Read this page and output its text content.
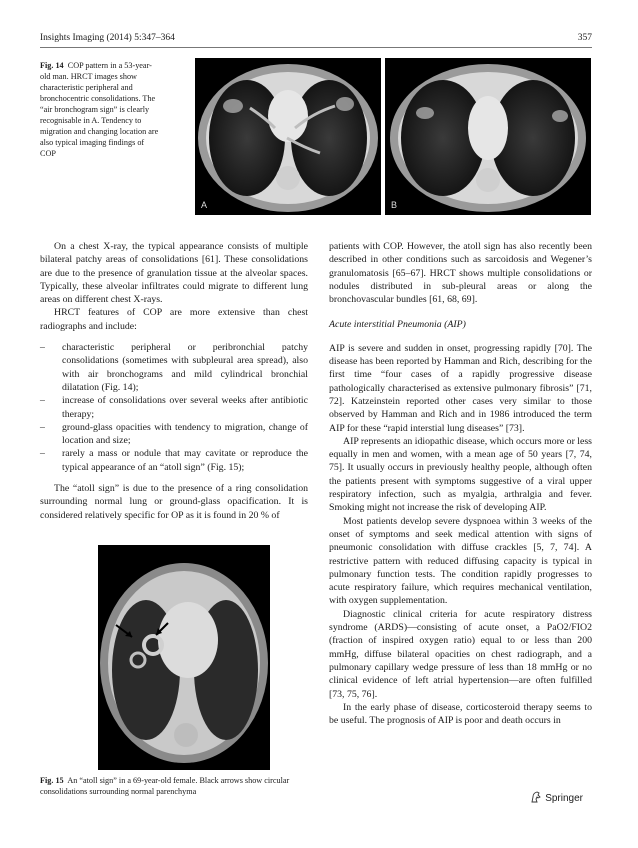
Insights Imaging (2014) 5:347–364	357
Fig. 14 COP pattern in a 53-year-old man. HRCT images show characteristic peripheral and bronchocentric consolidations. The “air bronchogram sign” is clearly recognisable in A. Tendency to migration and changing location are also typical imaging findings of COP
A	B

On a chest X-ray, the typical appearance consists of multiple bilateral patchy areas of consolidations [61]. These consolidations are due to the presence of granulation tissue at the alveolar spaces. Typically, these alveolar infiltrates could migrate to different lung areas on different chest X-rays.

HRCT features of COP are more extensive than chest radiographs and include:

– characteristic peripheral or peribronchial patchy consolidations (sometimes with subpleural area spread), also with air bronchograms and mild cylindrical bronchial dilatation (Fig. 14);
– increase of consolidations over several weeks after antibiotic therapy;
– ground-glass opacities with tendency to migration, change of location and size;
– rarely a mass or nodule that may cavitate or reproduce the typical appearance of an “atoll sign” (Fig. 15);

The “atoll sign” is due to the presence of a ring consolidation surrounding normal lung or ground-glass opacification. It is considered relatively specific for OP as it is found in 20 % of

Fig. 15 An “atoll sign” in a 69-year-old female. Black arrows show circular consolidations surrounding normal parenchyma

patients with COP. However, the atoll sign has also recently been described in other conditions such as sarcoidosis and Wegener’s granulomatosis [65–67]. HRCT shows multiple consolidations or nodules distributed in sub-pleural areas or along the bronchovascular bundles [61, 68, 69].

Acute interstitial Pneumonia (AIP)

AIP is severe and sudden in onset, progressing rapidly [70]. The disease has been reported by Hamman and Rich, describing for the first time “four cases of a rapidly progressive disease pathologically characterised as extensive pulmonary fibrosis” [71, 72]. Katzeinstein reported other cases very similar to those observed by Hamman and Rich and in 1986 introduced the term AIP for these “rapid interstial lung diseases” [73].

AIP represents an idiopathic disease, which occurs more or less equally in men and women, with a mean age of 50 years [7, 74, 75]. It usually occurs in previously healthy people, although often the patients present with symptoms suggestive of a viral upper respiratory infection, such as myalgia, arthralgia and fever. Smoking might not increase the risk of developing AIP.

Most patients develop severe dyspnoea within 3 weeks of the onset of symptoms and seek medical attention with signs of pneumonic consolidation with diffuse crackles [5, 7, 74]. A restrictive pattern with reduced diffusing capacity is typical in pulmonary function tests. The condition rapidly progresses to acute respiratory failure, which requires mechanical ventilation, with oxygen supplementation.

Diagnostic clinical criteria for acute respiratory distress syndrome (ARDS)—consisting of acute onset, a PaO2/FIO2 (fraction of inspired oxygen ratio) equal to or less than 200 mmHg, diffuse bilateral opacities on chest radiograph, and a pulmonary capillary wedge pressure of less than 18 mmHg or no clinical evidence of left atrial hypertension—are often fulfilled [73, 75, 76].

In the early phase of disease, corticosteroid therapy seems to be useful. The prognosis of AIP is poor and death occurs in

Springer
